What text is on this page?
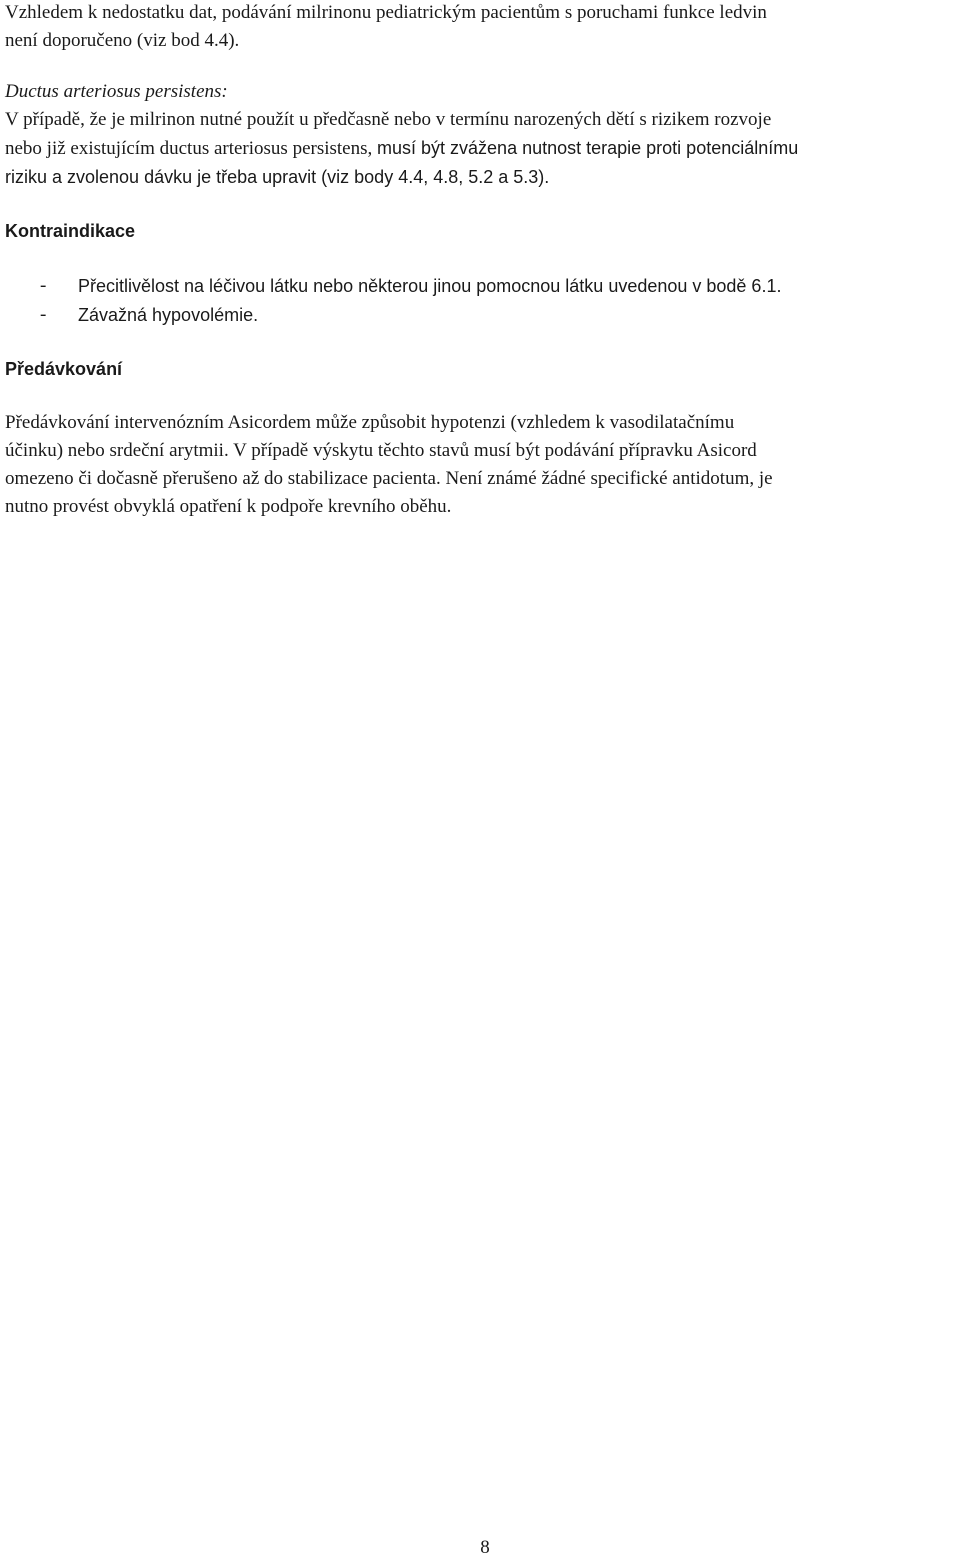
Vzhledem k nedostatku dat, podávání milrinonu pediatrickým pacientům s poruchami funkce ledvin
není doporučeno (viz bod 4.4).

Ductus arteriosus persistens:
V případě, že je milrinon nutné použít u předčasně nebo v termínu narozených dětí s rizikem rozvoje
nebo již existujícím ductus arteriosus persistens, musí být zvážena nutnost terapie proti potenciálnímu
riziku a zvolenou dávku je třeba upravit (viz body 4.4, 4.8, 5.2 a 5.3).

Kontraindikace

- Přecitlivělost na léčivou látku nebo některou jinou pomocnou látku uvedenou v bodě 6.1.
- Závažná hypovolémie.

Předávkování

Předávkování intervenózním Asicordem může způsobit hypotenzi (vzhledem k vasodilatačnímu
účinku) nebo srdeční arytmii. V případě výskytu těchto stavů musí být podávání přípravku Asicord
omezeno či dočasně přerušeno až do stabilizace pacienta. Není známé žádné specifické antidotum, je
nutno provést obvyklá opatření k podpoře krevního oběhu.

8
